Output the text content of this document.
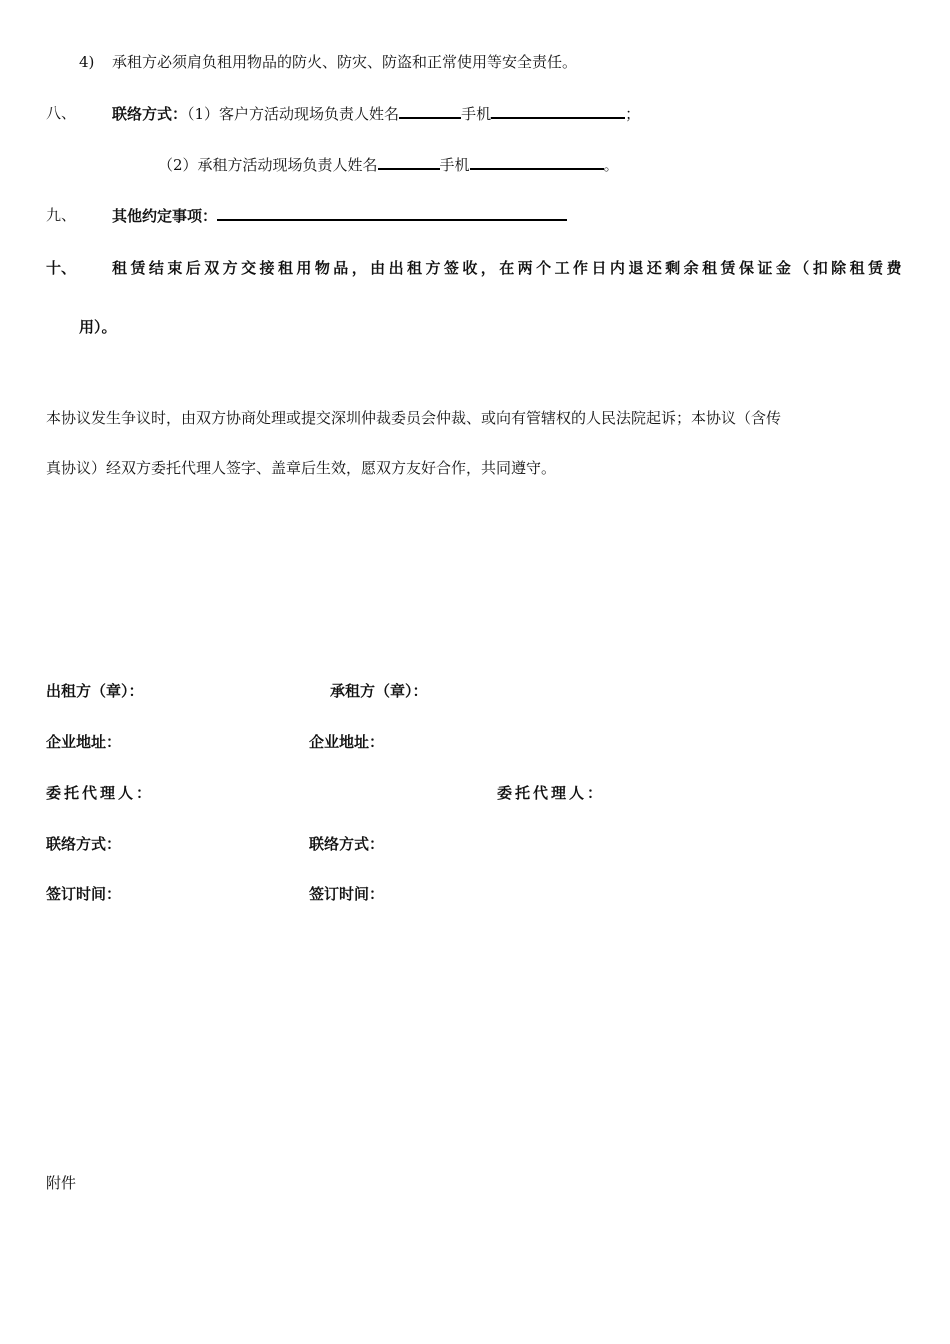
4) 承租方必须肩负租用物品的防火、防灾、防盗和正常使用等安全责任。
八、 联络方式：（1）客户方活动现场负责人姓名	手机	；
（2）承租方活动现场负责人姓名	手机	。
九、 其他约定事项：
十、 租赁结束后双方交接租用物品，由出租方签收，在两个工作日内退还剩余租赁保证金（扣除租赁费
用）。
本协议发生争议时，由双方协商处理或提交深圳仲裁委员会仲裁、或向有管辖权的人民法院起诉；本协议（含传
真协议）经双方委托代理人签字、盖章后生效，愿双方友好合作，共同遵守。
出租方（章）：	承租方（章）：
企业地址：	企业地址：
委托代理人：	委托代理人：
联络方式：	联络方式：
签订时间：	签订时间：
附件
